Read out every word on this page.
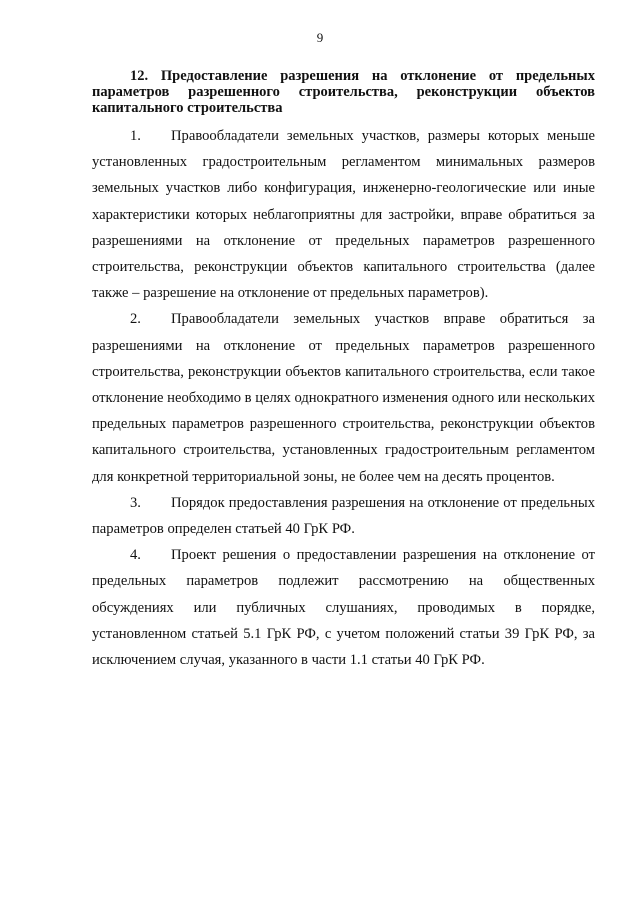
9

12. Предоставление разрешения на отклонение от предельных параметров разрешенного строительства, реконструкции объектов капитального строительства

1. Правообладатели земельных участков, размеры которых меньше установленных градостроительным регламентом минимальных размеров земельных участков либо конфигурация, инженерно-геологические или иные характеристики которых неблагоприятны для застройки, вправе обратиться за разрешениями на отклонение от предельных параметров разрешенного строительства, реконструкции объектов капитального строительства (далее также – разрешение на отклонение от предельных параметров).

2. Правообладатели земельных участков вправе обратиться за разрешениями на отклонение от предельных параметров разрешенного строительства, реконструкции объектов капитального строительства, если такое отклонение необходимо в целях однократного изменения одного или нескольких предельных параметров разрешенного строительства, реконструкции объектов капитального строительства, установленных градостроительным регламентом для конкретной территориальной зоны, не более чем на десять процентов.

3. Порядок предоставления разрешения на отклонение от предельных параметров определен статьей 40 ГрК РФ.

4. Проект решения о предоставлении разрешения на отклонение от предельных параметров подлежит рассмотрению на общественных обсуждениях или публичных слушаниях, проводимых в порядке, установленном статьей 5.1 ГрК РФ, с учетом положений статьи 39 ГрК РФ, за исключением случая, указанного в части 1.1 статьи 40 ГрК РФ.
